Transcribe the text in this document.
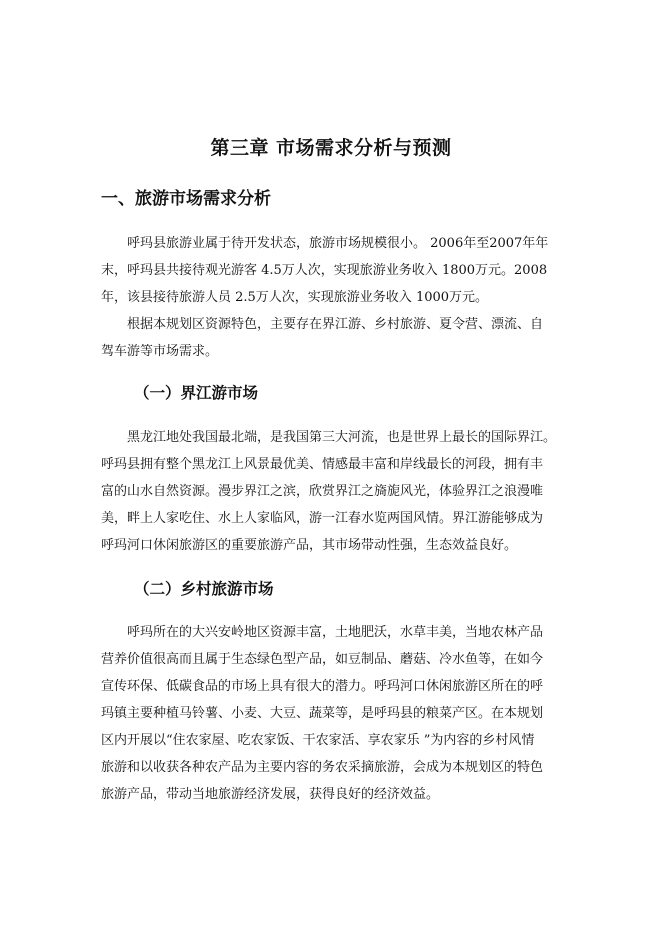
第三章 市场需求分析与预测
一、旅游市场需求分析
呼玛县旅游业属于待开发状态，旅游市场规模很小。 2006年至2007年年
末，呼玛县共接待观光游客 4.5万人次，实现旅游业务收入 1800万元。2008
年，该县接待旅游人员 2.5万人次，实现旅游业务收入 1000万元。
根据本规划区资源特色，主要存在界江游、乡村旅游、夏令营、漂流、自
驾车游等市场需求。
（一）界江游市场
黑龙江地处我国最北端，是我国第三大河流，也是世界上最长的国际界江。
呼玛县拥有整个黑龙江上风景最优美、情感最丰富和岸线最长的河段，拥有丰
富的山水自然资源。漫步界江之滨，欣赏界江之旖旎风光，体验界江之浪漫唯
美，畔上人家吃住、水上人家临风，游一江春水览两国风情。界江游能够成为
呼玛河口休闲旅游区的重要旅游产品，其市场带动性强，生态效益良好。
（二）乡村旅游市场
呼玛所在的大兴安岭地区资源丰富，土地肥沃，水草丰美，当地农林产品
营养价值很高而且属于生态绿色型产品，如豆制品、蘑菇、冷水鱼等，在如今
宣传环保、低碳食品的市场上具有很大的潜力。呼玛河口休闲旅游区所在的呼
玛镇主要种植马铃薯、小麦、大豆、蔬菜等，是呼玛县的粮菜产区。在本规划
区内开展以“住农家屋、吃农家饭、干农家活、享农家乐 ”为内容的乡村风情
旅游和以收获各种农产品为主要内容的务农采摘旅游，会成为本规划区的特色
旅游产品，带动当地旅游经济发展，获得良好的经济效益。
